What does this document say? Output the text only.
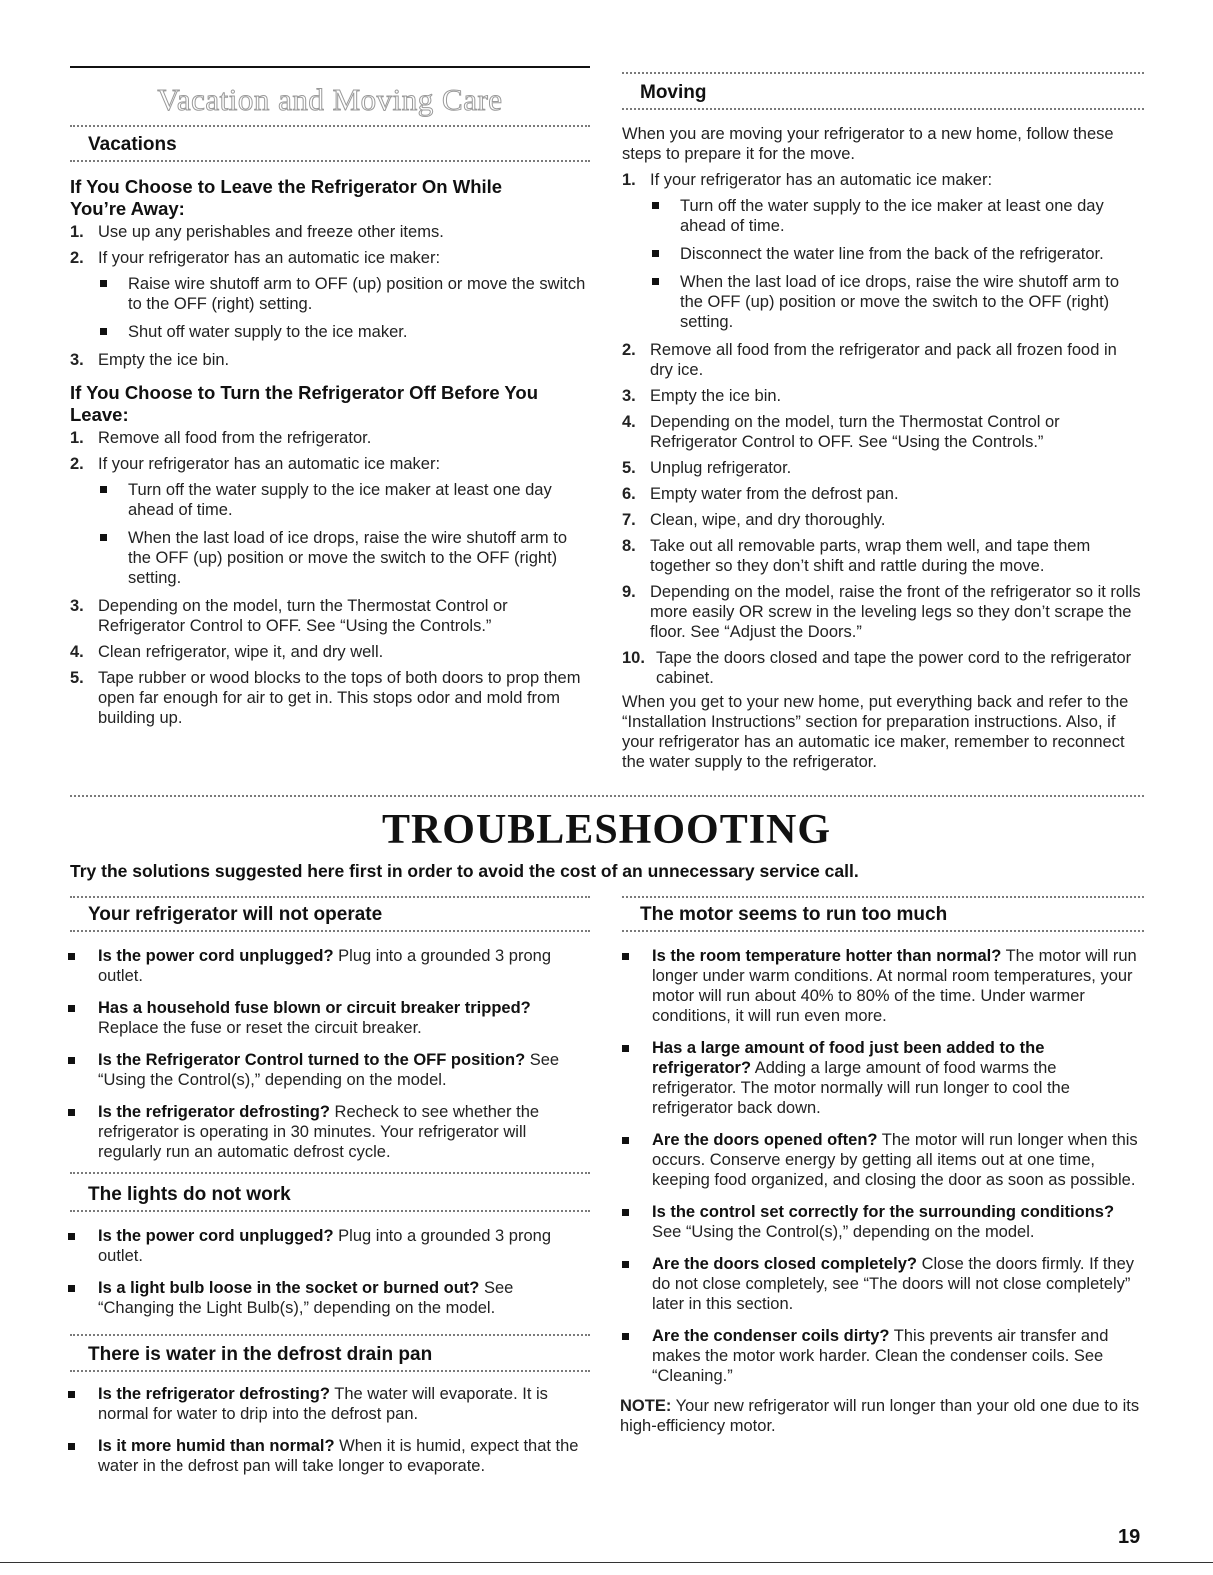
Vacation and Moving Care
Vacations
If You Choose to Leave the Refrigerator On While You’re Away:
1. Use up any perishables and freeze other items.
2. If your refrigerator has an automatic ice maker:
Raise wire shutoff arm to OFF (up) position or move the switch to the OFF (right) setting.
Shut off water supply to the ice maker.
3. Empty the ice bin.
If You Choose to Turn the Refrigerator Off Before You Leave:
1. Remove all food from the refrigerator.
2. If your refrigerator has an automatic ice maker:
Turn off the water supply to the ice maker at least one day ahead of time.
When the last load of ice drops, raise the wire shutoff arm to the OFF (up) position or move the switch to the OFF (right) setting.
3. Depending on the model, turn the Thermostat Control or Refrigerator Control to OFF. See “Using the Controls.”
4. Clean refrigerator, wipe it, and dry well.
5. Tape rubber or wood blocks to the tops of both doors to prop them open far enough for air to get in. This stops odor and mold from building up.
Moving
When you are moving your refrigerator to a new home, follow these steps to prepare it for the move.
1. If your refrigerator has an automatic ice maker:
Turn off the water supply to the ice maker at least one day ahead of time.
Disconnect the water line from the back of the refrigerator.
When the last load of ice drops, raise the wire shutoff arm to the OFF (up) position or move the switch to the OFF (right) setting.
2. Remove all food from the refrigerator and pack all frozen food in dry ice.
3. Empty the ice bin.
4. Depending on the model, turn the Thermostat Control or Refrigerator Control to OFF. See “Using the Controls.”
5. Unplug refrigerator.
6. Empty water from the defrost pan.
7. Clean, wipe, and dry thoroughly.
8. Take out all removable parts, wrap them well, and tape them together so they don’t shift and rattle during the move.
9. Depending on the model, raise the front of the refrigerator so it rolls more easily OR screw in the leveling legs so they don’t scrape the floor. See “Adjust the Doors.”
10. Tape the doors closed and tape the power cord to the refrigerator cabinet.
When you get to your new home, put everything back and refer to the “Installation Instructions” section for preparation instructions. Also, if your refrigerator has an automatic ice maker, remember to reconnect the water supply to the refrigerator.
TROUBLESHOOTING
Try the solutions suggested here first in order to avoid the cost of an unnecessary service call.
Your refrigerator will not operate
Is the power cord unplugged? Plug into a grounded 3 prong outlet.
Has a household fuse blown or circuit breaker tripped? Replace the fuse or reset the circuit breaker.
Is the Refrigerator Control turned to the OFF position? See “Using the Control(s),” depending on the model.
Is the refrigerator defrosting? Recheck to see whether the refrigerator is operating in 30 minutes. Your refrigerator will regularly run an automatic defrost cycle.
The lights do not work
Is the power cord unplugged? Plug into a grounded 3 prong outlet.
Is a light bulb loose in the socket or burned out? See “Changing the Light Bulb(s),” depending on the model.
There is water in the defrost drain pan
Is the refrigerator defrosting? The water will evaporate. It is normal for water to drip into the defrost pan.
Is it more humid than normal? When it is humid, expect that the water in the defrost pan will take longer to evaporate.
The motor seems to run too much
Is the room temperature hotter than normal? The motor will run longer under warm conditions. At normal room temperatures, your motor will run about 40% to 80% of the time. Under warmer conditions, it will run even more.
Has a large amount of food just been added to the refrigerator? Adding a large amount of food warms the refrigerator. The motor normally will run longer to cool the refrigerator back down.
Are the doors opened often? The motor will run longer when this occurs. Conserve energy by getting all items out at one time, keeping food organized, and closing the door as soon as possible.
Is the control set correctly for the surrounding conditions? See “Using the Control(s),” depending on the model.
Are the doors closed completely? Close the doors firmly. If they do not close completely, see “The doors will not close completely” later in this section.
Are the condenser coils dirty? This prevents air transfer and makes the motor work harder. Clean the condenser coils. See “Cleaning.”
NOTE: Your new refrigerator will run longer than your old one due to its high-efficiency motor.
19
